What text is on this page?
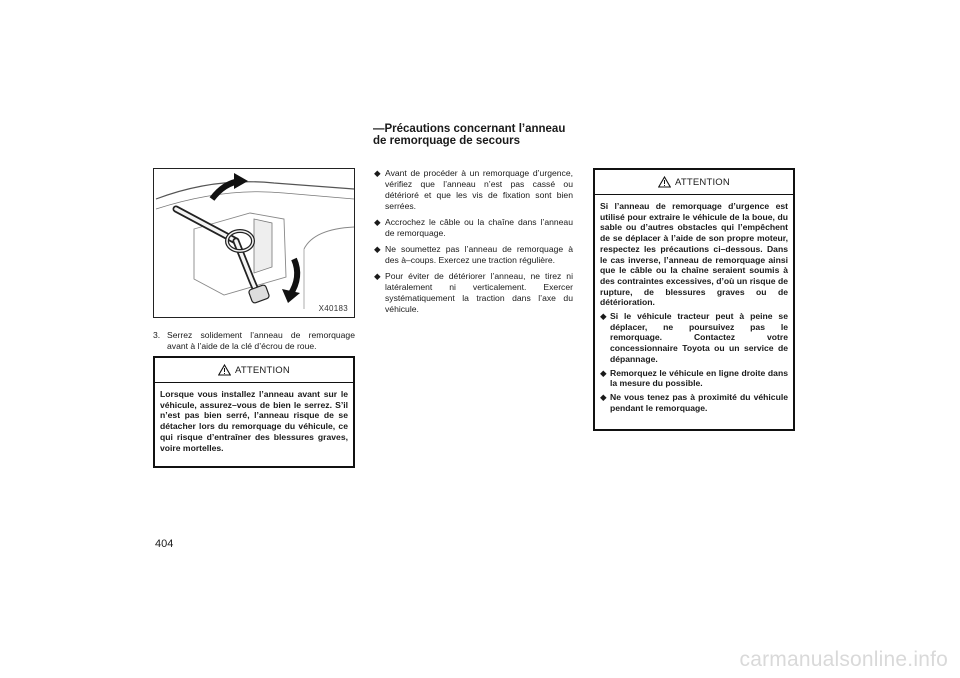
X40183
3. Serrez solidement l’anneau de remorquage avant à l’aide de la clé d’écrou de roue.
ATTENTION

Lorsque vous installez l’anneau avant sur le véhicule, assurez–vous de bien le serrez. S’il n’est pas bien serré, l’anneau risque de se détacher lors du remorquage du véhicule, ce qui risque d’entraîner des blessures graves, voire mortelles.

—Précautions concernant l’anneau de remorquage de secours
◆ Avant de procéder à un remorquage d’urgence, vérifiez que l’anneau n’est pas cassé ou détérioré et que les vis de fixation sont bien serrées.
◆ Accrochez le câble ou la chaîne dans l’anneau de remorquage.
◆ Ne soumettez pas l’anneau de remorquage à des à–coups. Exercez une traction régulière.
◆ Pour éviter de détériorer l’anneau, ne tirez ni latéralement ni verticalement. Exercer systématiquement la traction dans l’axe du véhicule.
ATTENTION

Si l’anneau de remorquage d’urgence est utilisé pour extraire le véhicule de la boue, du sable ou d’autres obstacles qui l’empêchent de se déplacer à l’aide de son propre moteur, respectez les précautions ci–dessous. Dans le cas inverse, l’anneau de remorquage ainsi que le câble ou la chaîne seraient soumis à des contraintes excessives, d’où un risque de rupture, de blessures graves ou de détérioration.

◆ Si le véhicule tracteur peut à peine se déplacer, ne poursuivez pas le remorquage. Contactez votre concessionnaire Toyota ou un service de dépannage.
◆ Remorquez le véhicule en ligne droite dans la mesure du possible.
◆ Ne vous tenez pas à proximité du véhicule pendant le remorquage.
404
carmanualsonline.info
